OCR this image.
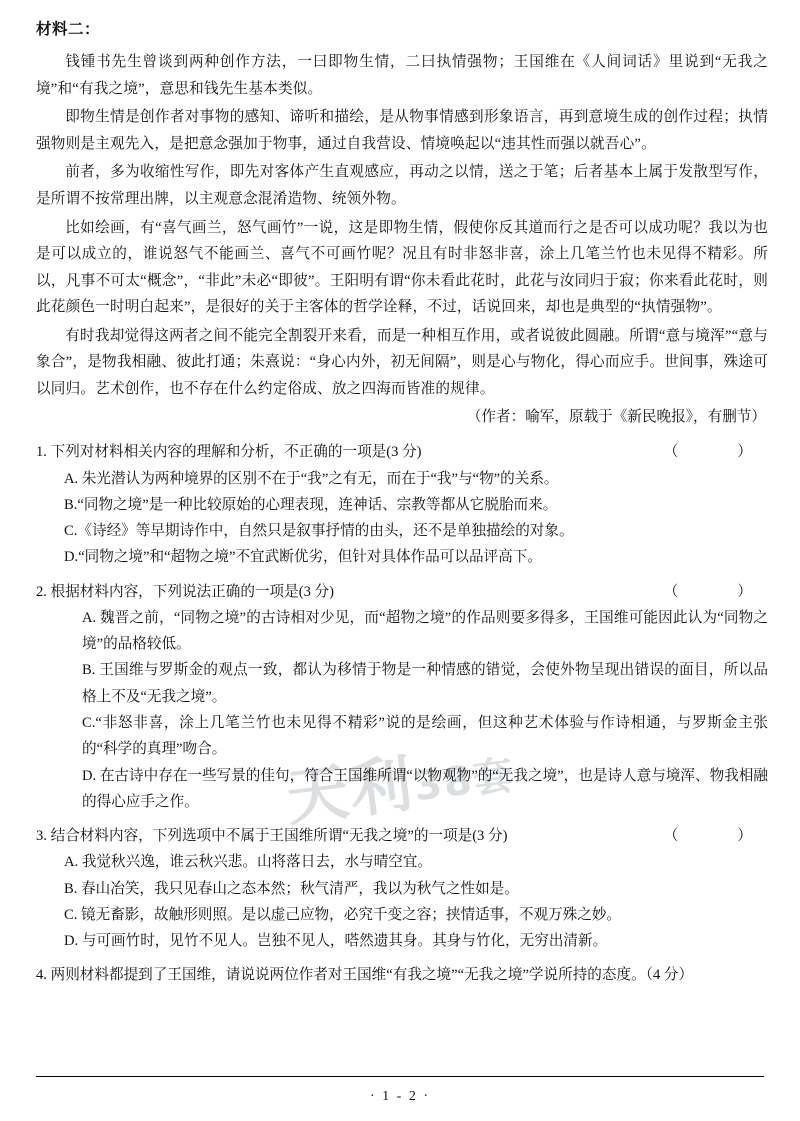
天利38套
材料二：

钱锺书先生曾谈到两种创作方法，一曰即物生情，二曰执情强物；王国维在《人间词话》里说到“无我之境”和“有我之境”，意思和钱先生基本类似。

即物生情是创作者对事物的感知、谛听和描绘，是从物事情感到形象语言，再到意境生成的创作过程；执情强物则是主观先入，是把意念强加于物事，通过自我营设、情境唤起以“违其性而强以就吾心”。

前者，多为收缩性写作，即先对客体产生直观感应，再动之以情，送之于笔；后者基本上属于发散型写作，是所谓不按常理出牌，以主观意念混淆造物、统领外物。

比如绘画，有“喜气画兰，怒气画竹”一说，这是即物生情，假使你反其道而行之是否可以成功呢？我以为也是可以成立的，谁说怒气不能画兰、喜气不可画竹呢？况且有时非怒非喜，涂上几笔兰竹也未见得不精彩。所以，凡事不可太“概念”，“非此”未必“即彼”。王阳明有谓“你未看此花时，此花与汝同归于寂；你来看此花时，则此花颜色一时明白起来”，是很好的关于主客体的哲学诠释，不过，话说回来，却也是典型的“执情强物”。

有时我却觉得这两者之间不能完全割裂开来看，而是一种相互作用，或者说彼此圆融。所谓“意与境浑”“意与象合”，是物我相融、彼此打通；朱熹说：“身心内外，初无间隔”，则是心与物化，得心而应手。世间事，殊途可以同归。艺术创作，也不存在什么约定俗成、放之四海而皆准的规律。

（作者：喻军，原载于《新民晚报》，有删节）
1. 下列对材料相关内容的理解和分析，不正确的一项是(3 分)	（　　）

A. 朱光潜认为两种境界的区别不在于“我”之有无，而在于“我”与“物”的关系。

B.“同物之境”是一种比较原始的心理表现，连神话、宗教等都从它脱胎而来。

C.《诗经》等早期诗作中，自然只是叙事抒情的由头，还不是单独描绘的对象。

D.“同物之境”和“超物之境”不宜武断优劣，但针对具体作品可以品评高下。

2. 根据材料内容，下列说法正确的一项是(3 分)	（　　）

A. 魏晋之前，“同物之境”的古诗相对少见，而“超物之境”的作品则要多得多，王国维可能因此认为“同物之境”的品格较低。

B. 王国维与罗斯金的观点一致，都认为移情于物是一种情感的错觉，会使外物呈现出错误的面目，所以品格上不及“无我之境”。

C.“非怒非喜，涂上几笔兰竹也未见得不精彩”说的是绘画，但这种艺术体验与作诗相通，与罗斯金主张的“科学的真理”吻合。

D. 在古诗中存在一些写景的佳句，符合王国维所谓“以物观物”的“无我之境”，也是诗人意与境浑、物我相融的得心应手之作。

3. 结合材料内容，下列选项中不属于王国维所谓“无我之境”的一项是(3 分)	（　　）

A. 我觉秋兴逸，谁云秋兴悲。山将落日去，水与晴空宜。

B. 春山冶笑，我只见春山之态本然；秋气清严，我以为秋气之性如是。

C. 镜无畜影，故触形则照。是以虚己应物，必究千变之容；挟情适事，不观万殊之妙。

D. 与可画竹时，见竹不见人。岂独不见人，嗒然遗其身。其身与竹化，无穷出清新。

4. 两则材料都提到了王国维，请说说两位作者对王国维“有我之境”“无我之境”学说所持的态度。（4 分）
· 1 - 2 ·
